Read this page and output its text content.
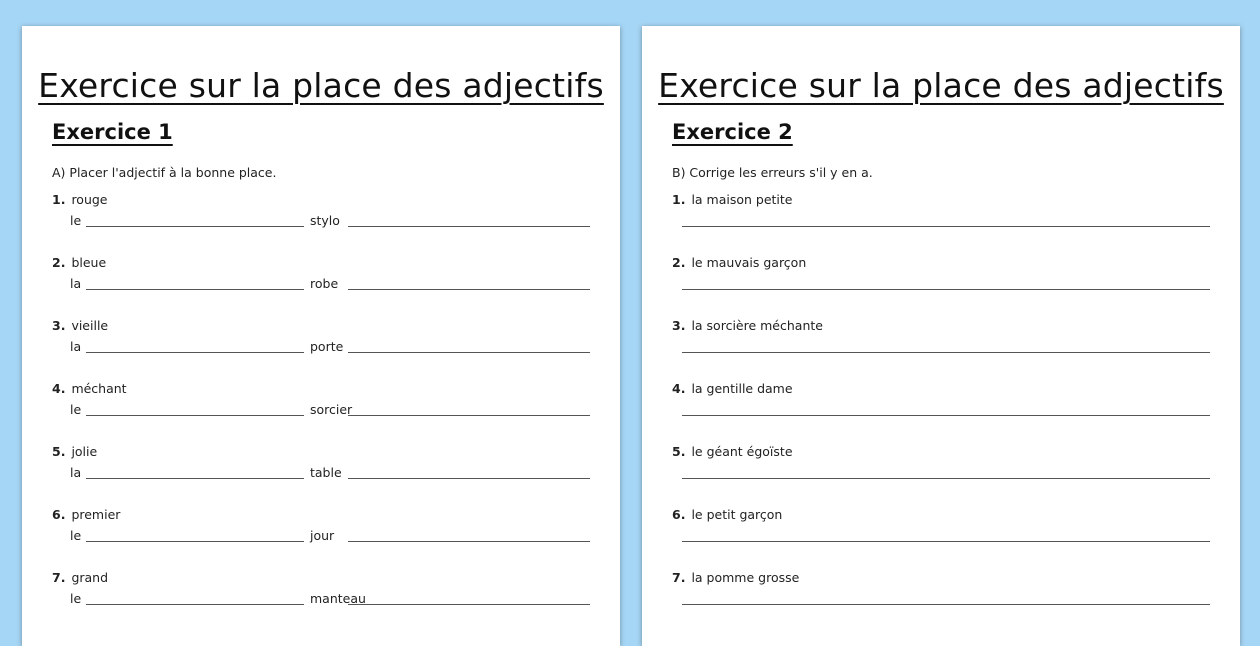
Exercice sur la place des adjectifs
Exercice 1
A) Placer l'adjectif à la bonne place.
1. rouge
le	stylo
2. bleue
la	robe
3. vieille
la	porte
4. méchant
le	sorcier
5. jolie
la	table
6. premier
le	jour
7. grand
le	manteau
Exercice sur la place des adjectifs
Exercice 2
B) Corrige les erreurs s'il y en a.
1. la maison petite
2. le mauvais garçon
3. la sorcière méchante
4. la gentille dame
5. le géant égoïste
6. le petit garçon
7. la pomme grosse
